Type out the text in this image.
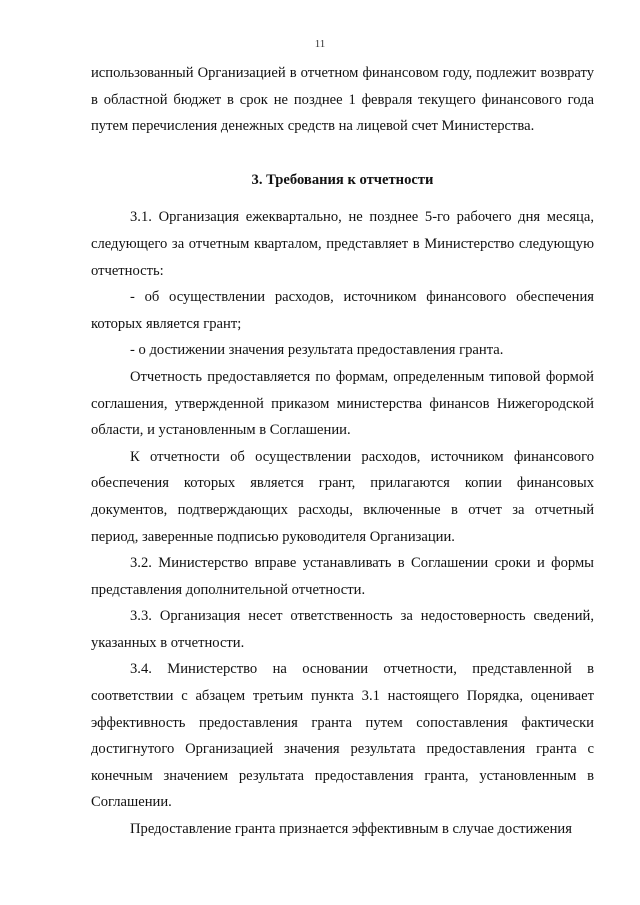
11

использованный Организацией в отчетном финансовом году, подлежит возврату в областной бюджет в срок не позднее 1 февраля текущего финансового года путем перечисления денежных средств на лицевой счет Министерства.

3. Требования к отчетности

3.1. Организация ежеквартально, не позднее 5-го рабочего дня месяца, следующего за отчетным кварталом, представляет в Министерство следующую отчетность:

- об осуществлении расходов, источником финансового обеспечения которых является грант;

- о достижении значения результата предоставления гранта.

Отчетность предоставляется по формам, определенным типовой формой соглашения, утвержденной приказом министерства финансов Нижегородской области, и установленным в Соглашении.

К отчетности об осуществлении расходов, источником финансового обеспечения которых является грант, прилагаются копии финансовых документов, подтверждающих расходы, включенные в отчет за отчетный период, заверенные подписью руководителя Организации.

3.2. Министерство вправе устанавливать в Соглашении сроки и формы представления дополнительной отчетности.

3.3. Организация несет ответственность за недостоверность сведений, указанных в отчетности.

3.4. Министерство на основании отчетности, представленной в соответствии с абзацем третьим пункта 3.1 настоящего Порядка, оценивает эффективность предоставления гранта путем сопоставления фактически достигнутого Организацией значения результата предоставления гранта с конечным значением результата предоставления гранта, установленным в Соглашении.

Предоставление гранта признается эффективным в случае достижения
